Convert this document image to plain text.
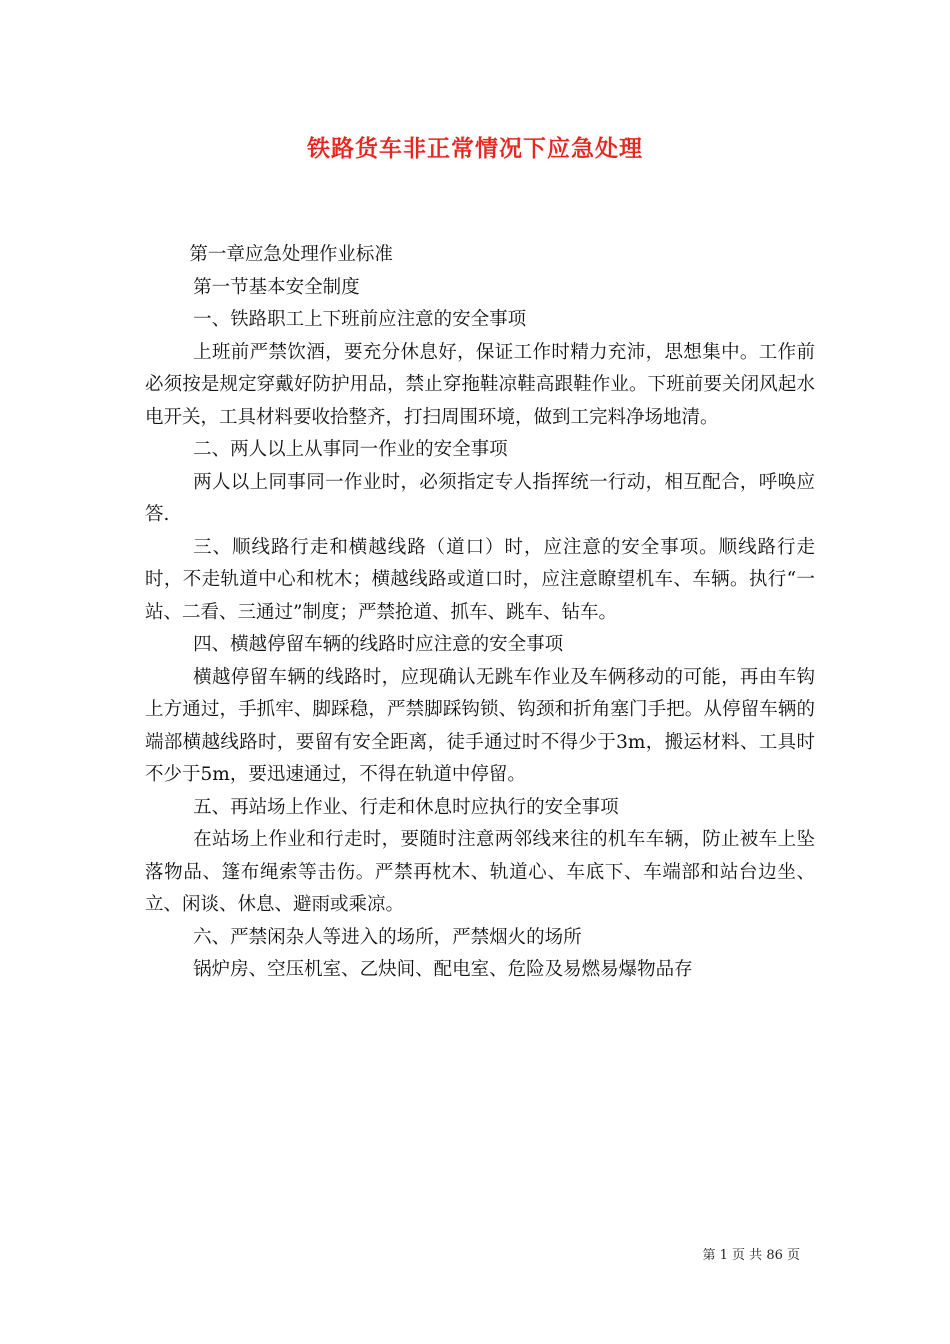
铁路货车非正常情况下应急处理

第一章应急处理作业标准

第一节基本安全制度

一、铁路职工上下班前应注意的安全事项

上班前严禁饮酒，要充分休息好，保证工作时精力充沛，思想集中。工作前必须按是规定穿戴好防护用品，禁止穿拖鞋凉鞋高跟鞋作业。下班前要关闭风起水电开关，工具材料要收拾整齐，打扫周围环境，做到工完料净场地清。

二、两人以上从事同一作业的安全事项

两人以上同事同一作业时，必须指定专人指挥统一行动，相互配合，呼唤应答.

三、顺线路行走和横越线路（道口）时，应注意的安全事项。顺线路行走时，不走轨道中心和枕木；横越线路或道口时，应注意瞭望机车、车辆。执行“一站、二看、三通过”制度；严禁抢道、抓车、跳车、钻车。

四、横越停留车辆的线路时应注意的安全事项

横越停留车辆的线路时，应现确认无跳车作业及车俩移动的可能，再由车钩上方通过，手抓牢、脚踩稳，严禁脚踩钩锁、钩颈和折角塞门手把。从停留车辆的端部横越线路时，要留有安全距离，徒手通过时不得少于3m，搬运材料、工具时不少于5m，要迅速通过，不得在轨道中停留。

五、再站场上作业、行走和休息时应执行的安全事项

在站场上作业和行走时，要随时注意两邻线来往的机车车辆，防止被车上坠落物品、篷布绳索等击伤。严禁再枕木、轨道心、车底下、车端部和站台边坐、立、闲谈、休息、避雨或乘凉。

六、严禁闲杂人等进入的场所，严禁烟火的场所

锅炉房、空压机室、乙炔间、配电室、危险及易燃易爆物品存

第 1 页 共 86 页
